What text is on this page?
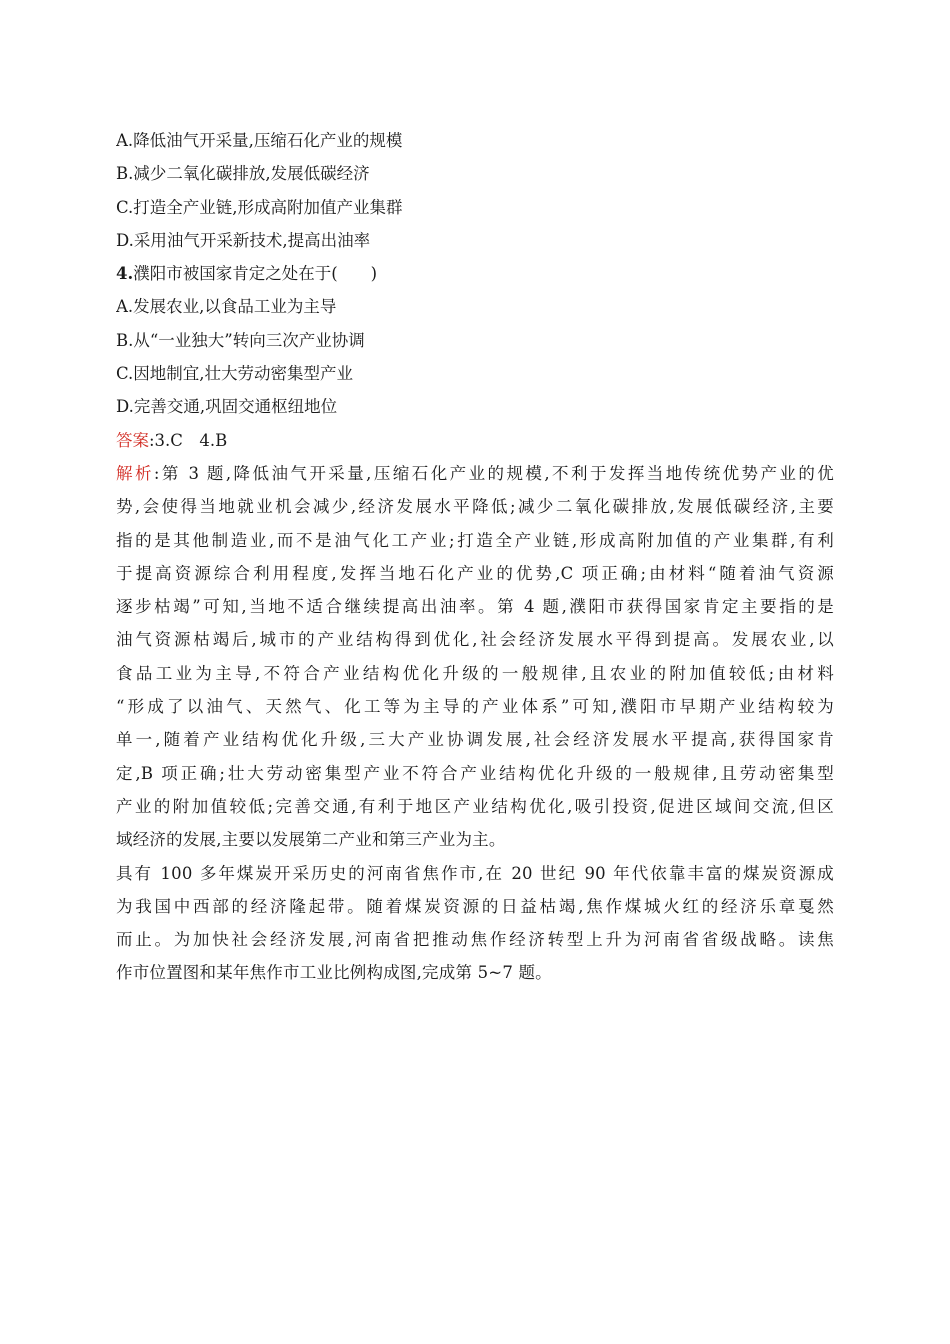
A.降低油气开采量,压缩石化产业的规模
B.减少二氧化碳排放,发展低碳经济
C.打造全产业链,形成高附加值产业集群
D.采用油气开采新技术,提高出油率
4.濮阳市被国家肯定之处在于(　　)
A.发展农业,以食品工业为主导
B.从“一业独大”转向三次产业协调
C.因地制宜,壮大劳动密集型产业
D.完善交通,巩固交通枢纽地位
答案:3.C　4.B
解析:第 3 题,降低油气开采量,压缩石化产业的规模,不利于发挥当地传统优势产业的优
势,会使得当地就业机会减少,经济发展水平降低;减少二氧化碳排放,发展低碳经济,主要
指的是其他制造业,而不是油气化工产业;打造全产业链,形成高附加值的产业集群,有利
于提高资源综合利用程度,发挥当地石化产业的优势,C 项正确;由材料“随着油气资源
逐步枯竭”可知,当地不适合继续提高出油率。第 4 题,濮阳市获得国家肯定主要指的是
油气资源枯竭后,城市的产业结构得到优化,社会经济发展水平得到提高。发展农业,以
食品工业为主导,不符合产业结构优化升级的一般规律,且农业的附加值较低;由材料
“形成了以油气、天然气、化工等为主导的产业体系”可知,濮阳市早期产业结构较为
单一,随着产业结构优化升级,三大产业协调发展,社会经济发展水平提高,获得国家肯
定,B 项正确;壮大劳动密集型产业不符合产业结构优化升级的一般规律,且劳动密集型
产业的附加值较低;完善交通,有利于地区产业结构优化,吸引投资,促进区域间交流,但区
域经济的发展,主要以发展第二产业和第三产业为主。
具有 100 多年煤炭开采历史的河南省焦作市,在 20 世纪 90 年代依靠丰富的煤炭资源成
为我国中西部的经济隆起带。随着煤炭资源的日益枯竭,焦作煤城火红的经济乐章戛然
而止。为加快社会经济发展,河南省把推动焦作经济转型上升为河南省省级战略。读焦
作市位置图和某年焦作市工业比例构成图,完成第 5~7 题。
